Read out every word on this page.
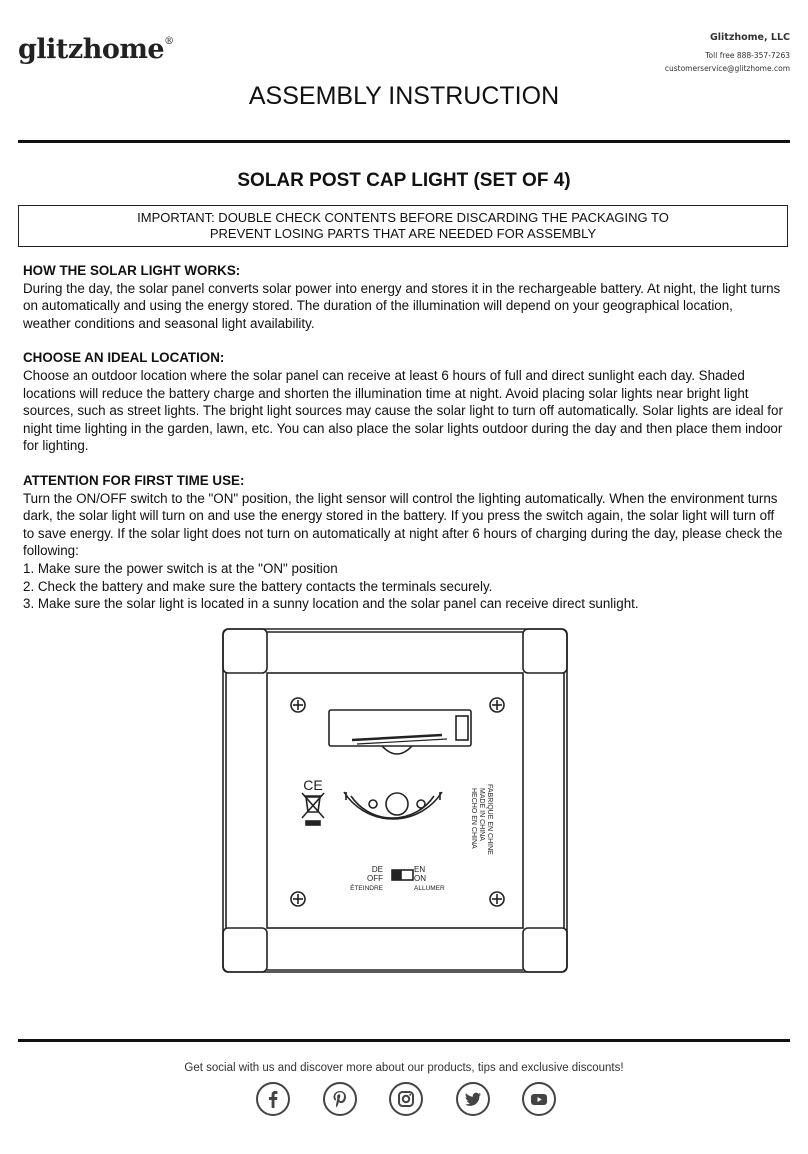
glitzhome®	Glitzhome, LLC
Toll free 888-357-7263
customerservice@glitzhome.com
ASSEMBLY INSTRUCTION
SOLAR POST CAP LIGHT (SET OF 4)
IMPORTANT: DOUBLE CHECK CONTENTS BEFORE DISCARDING THE PACKAGING TO
PREVENT LOSING PARTS THAT ARE NEEDED FOR ASSEMBLY
HOW THE SOLAR LIGHT WORKS:

During the day, the solar panel converts solar power into energy and stores it in the rechargeable battery. At night, the light turns on automatically and using the energy stored. The duration of the illumination will depend on your geographical location, weather conditions and seasonal light availability.

CHOOSE AN IDEAL LOCATION:

Choose an outdoor location where the solar panel can receive at least 6 hours of full and direct sunlight each day. Shaded locations will reduce the battery charge and shorten the illumination time at night. Avoid placing solar lights near bright light sources, such as street lights. The bright light sources may cause the solar light to turn off automatically. Solar lights are ideal for night time lighting in the garden, lawn, etc. You can also place the solar lights outdoor during the day and then place them indoor for lighting.

ATTENTION FOR FIRST TIME USE:
Turn the ON/OFF switch to the "ON" position, the light sensor will control the lighting automatically. When the environment turns dark, the solar light will turn on and use the energy stored in the battery. If you press the switch again, the solar light will turn off to save energy. If the solar light does not turn on automatically at night after 6 hours of charging during the day, please check the following:
1. Make sure the power switch is at the "ON" position
2. Check the battery and make sure the battery contacts the terminals securely.
3. Make sure the solar light is located in a sunny location and the solar panel can receive direct sunlight.
CE
HECHO EN CHINA MADE IN CHINA FABRIQUE EN CHINE
DE
OFF
ÉTEINDRE
EN
ON
ALLUMER
Get social with us and discover more about our products, tips and exclusive discounts!
